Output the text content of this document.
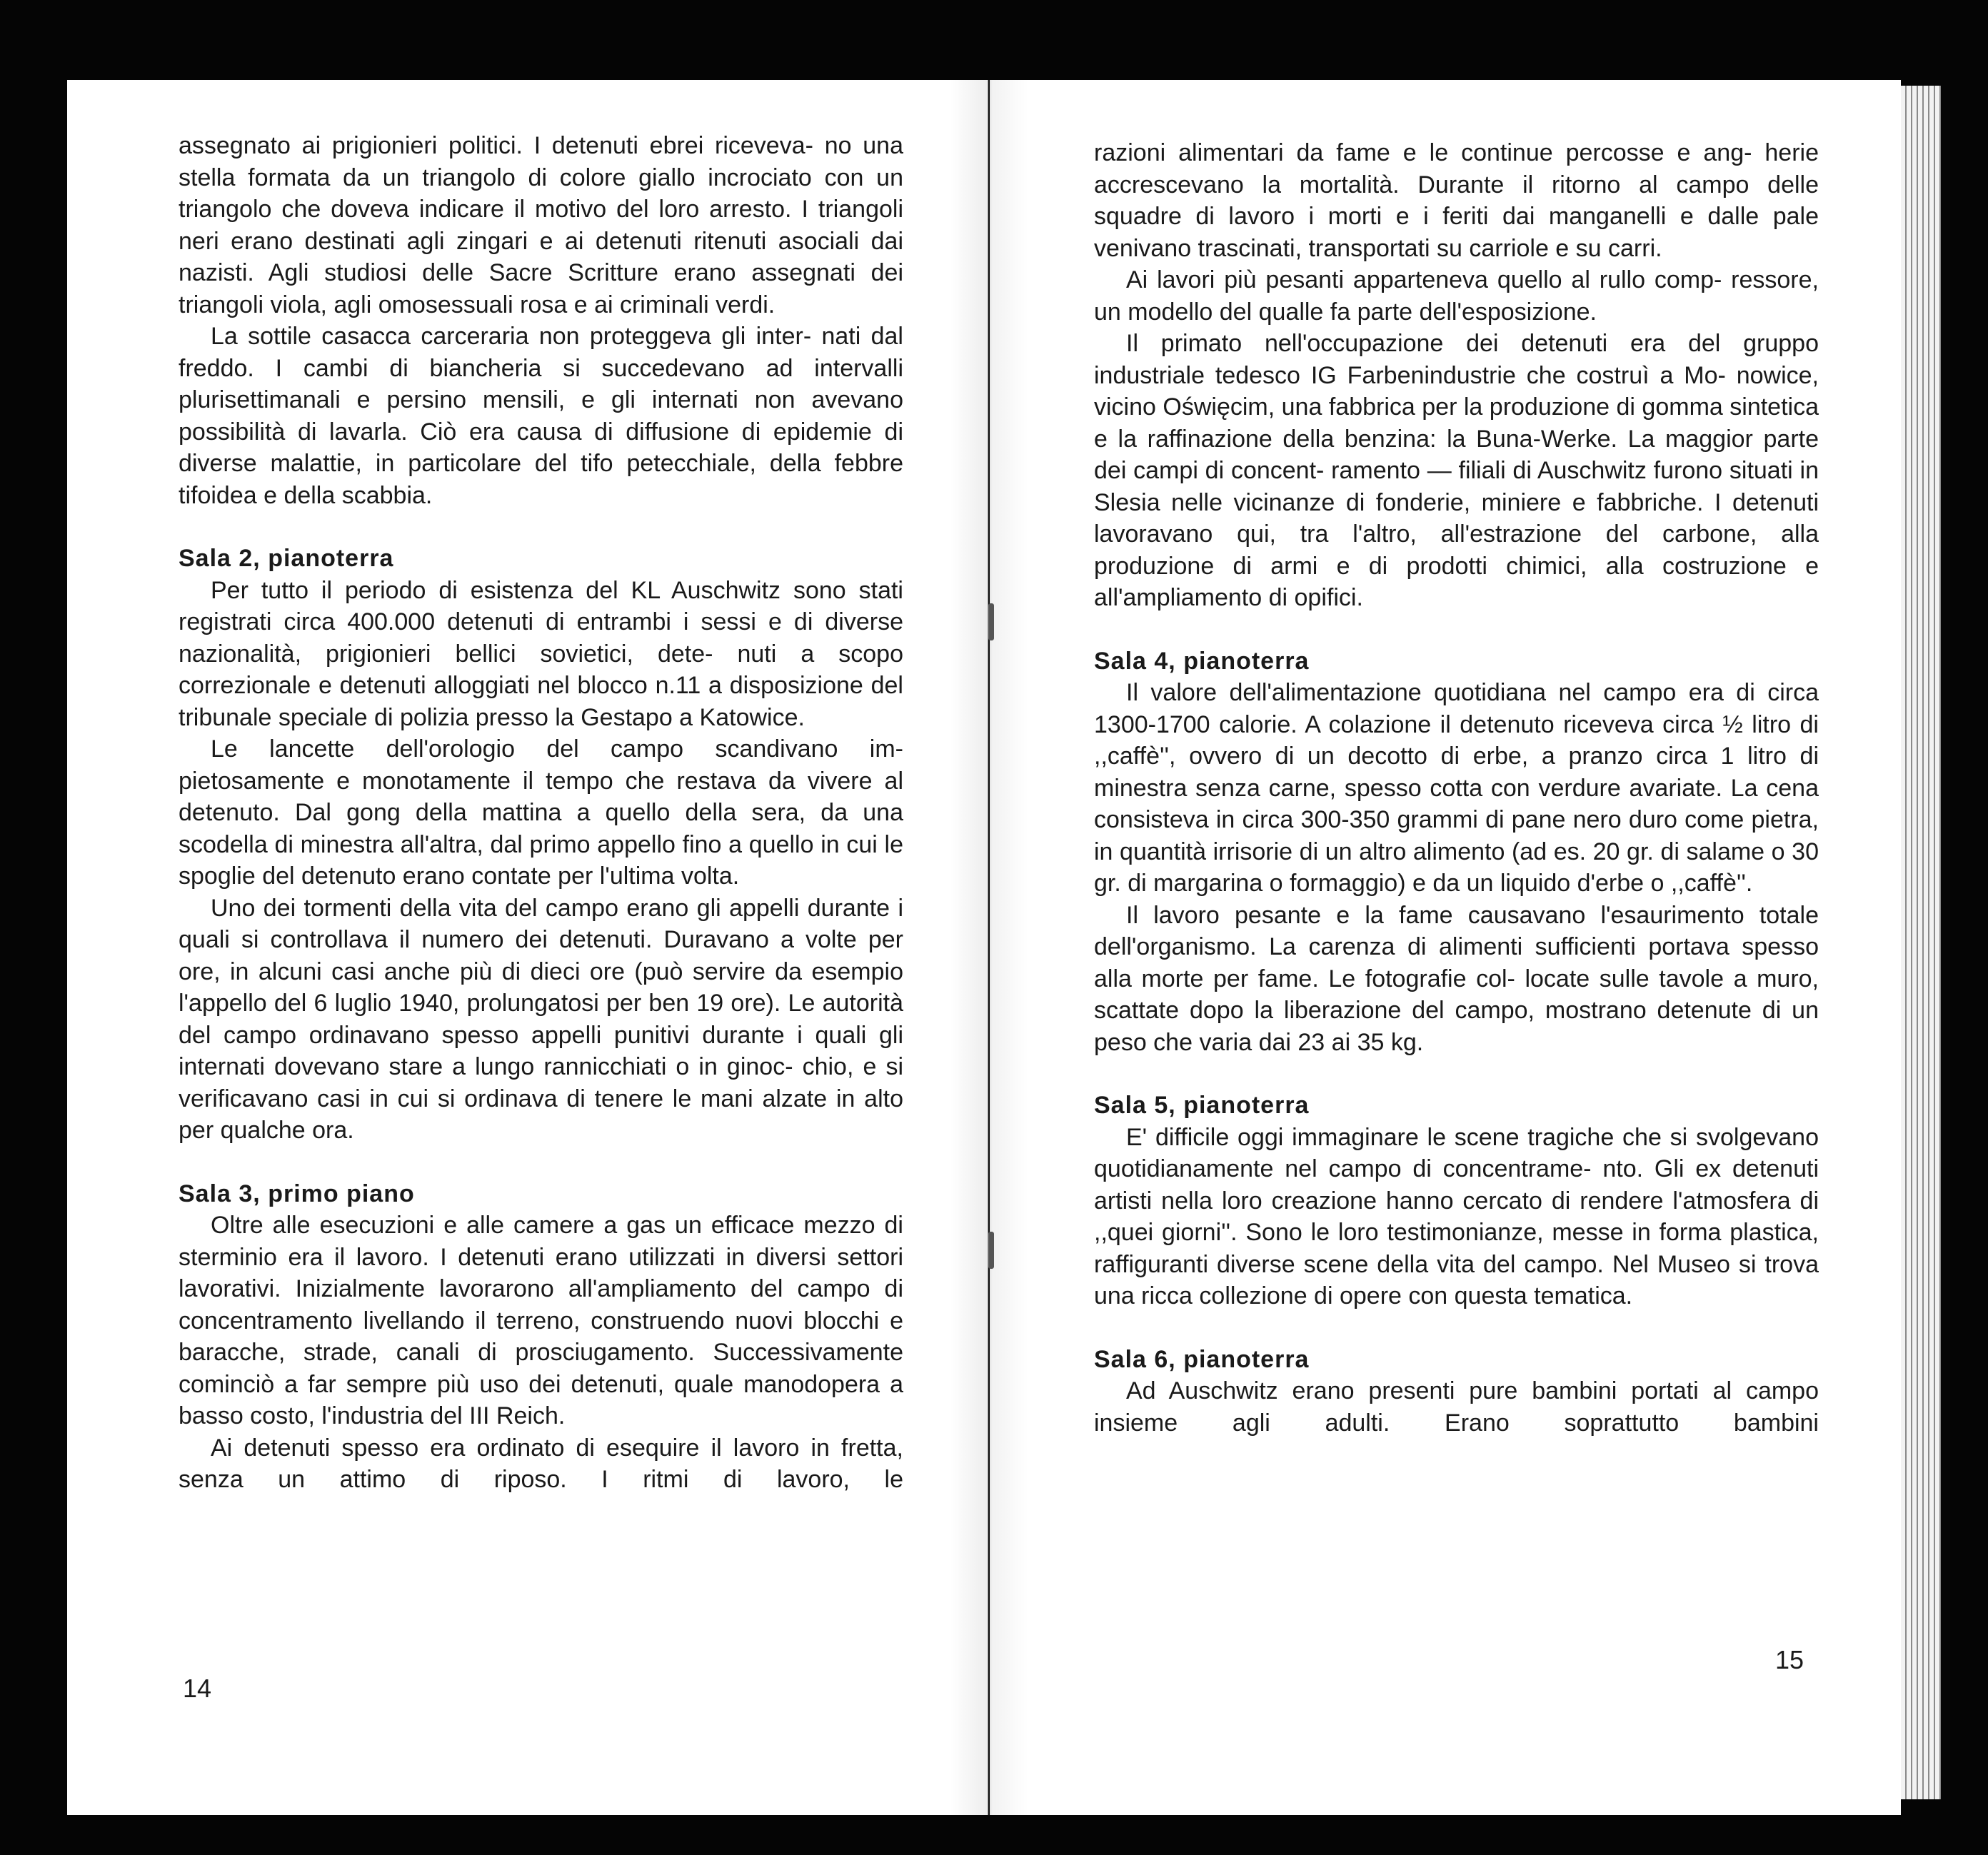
assegnato ai prigionieri politici. I detenuti ebrei riceveva- no una stella formata da un triangolo di colore giallo incrociato con un triangolo che doveva indicare il motivo del loro arresto. I triangoli neri erano destinati agli zingari e ai detenuti ritenuti asociali dai nazisti. Agli studiosi delle Sacre Scritture erano assegnati dei triangoli viola, agli omosessuali rosa e ai criminali verdi.

La sottile casacca carceraria non proteggeva gli inter- nati dal freddo. I cambi di biancheria si succedevano ad intervalli plurisettimanali e persino mensili, e gli internati non avevano possibilità di lavarla. Ciò era causa di diffusione di epidemie di diverse malattie, in particolare del tifo petecchiale, della febbre tifoidea e della scabbia.

Sala 2, pianoterra

Per tutto il periodo di esistenza del KL Auschwitz sono stati registrati circa 400.000 detenuti di entrambi i sessi e di diverse nazionalità, prigionieri bellici sovietici, dete- nuti a scopo correzionale e detenuti alloggiati nel blocco n.11 a disposizione del tribunale speciale di polizia presso la Gestapo a Katowice.

Le lancette dell'orologio del campo scandivano im- pietosamente e monotamente il tempo che restava da vivere al detenuto. Dal gong della mattina a quello della sera, da una scodella di minestra all'altra, dal primo appello fino a quello in cui le spoglie del detenuto erano contate per l'ultima volta.

Uno dei tormenti della vita del campo erano gli appelli durante i quali si controllava il numero dei detenuti. Duravano a volte per ore, in alcuni casi anche più di dieci ore (può servire da esempio l'appello del 6 luglio 1940, prolungatosi per ben 19 ore). Le autorità del campo ordinavano spesso appelli punitivi durante i quali gli internati dovevano stare a lungo rannicchiati o in ginoc- chio, e si verificavano casi in cui si ordinava di tenere le mani alzate in alto per qualche ora.

Sala 3, primo piano

Oltre alle esecuzioni e alle camere a gas un efficace mezzo di sterminio era il lavoro. I detenuti erano utilizzati in diversi settori lavorativi. Inizialmente lavorarono all'ampliamento del campo di concentramento livellando il terreno, construendo nuovi blocchi e baracche, strade, canali di prosciugamento. Successivamente cominciò a far sempre più uso dei detenuti, quale manodopera a basso costo, l'industria del III Reich.

Ai detenuti spesso era ordinato di esequire il lavoro in fretta, senza un attimo di riposo. I ritmi di lavoro, le

14

razioni alimentari da fame e le continue percosse e ang- herie accrescevano la mortalità. Durante il ritorno al campo delle squadre di lavoro i morti e i feriti dai manganelli e dalle pale venivano trascinati, transportati su carriole e su carri.

Ai lavori più pesanti apparteneva quello al rullo comp- ressore, un modello del qualle fa parte dell'esposizione.

Il primato nell'occupazione dei detenuti era del gruppo industriale tedesco IG Farbenindustrie che costruì a Mo- nowice, vicino Oświęcim, una fabbrica per la produzione di gomma sintetica e la raffinazione della benzina: la Buna-Werke. La maggior parte dei campi di concent- ramento — filiali di Auschwitz furono situati in Slesia nelle vicinanze di fonderie, miniere e fabbriche. I detenuti lavoravano qui, tra l'altro, all'estrazione del carbone, alla produzione di armi e di prodotti chimici, alla costruzione e all'ampliamento di opifici.

Sala 4, pianoterra

Il valore dell'alimentazione quotidiana nel campo era di circa 1300-1700 calorie. A colazione il detenuto riceveva circa ½ litro di ,,caffè'', ovvero di un decotto di erbe, a pranzo circa 1 litro di minestra senza carne, spesso cotta con verdure avariate. La cena consisteva in circa 300-350 grammi di pane nero duro come pietra, in quantità irrisorie di un altro alimento (ad es. 20 gr. di salame o 30 gr. di margarina o formaggio) e da un liquido d'erbe o ,,caffè''.

Il lavoro pesante e la fame causavano l'esaurimento totale dell'organismo. La carenza di alimenti sufficienti portava spesso alla morte per fame. Le fotografie col- locate sulle tavole a muro, scattate dopo la liberazione del campo, mostrano detenute di un peso che varia dai 23 ai 35 kg.

Sala 5, pianoterra

E' difficile oggi immaginare le scene tragiche che si svolgevano quotidianamente nel campo di concentrame- nto. Gli ex detenuti artisti nella loro creazione hanno cercato di rendere l'atmosfera di ,,quei giorni''. Sono le loro testimonianze, messe in forma plastica, raffiguranti diverse scene della vita del campo. Nel Museo si trova una ricca collezione di opere con questa tematica.

Sala 6, pianoterra

Ad Auschwitz erano presenti pure bambini portati al campo insieme agli adulti. Erano soprattutto bambini

15
